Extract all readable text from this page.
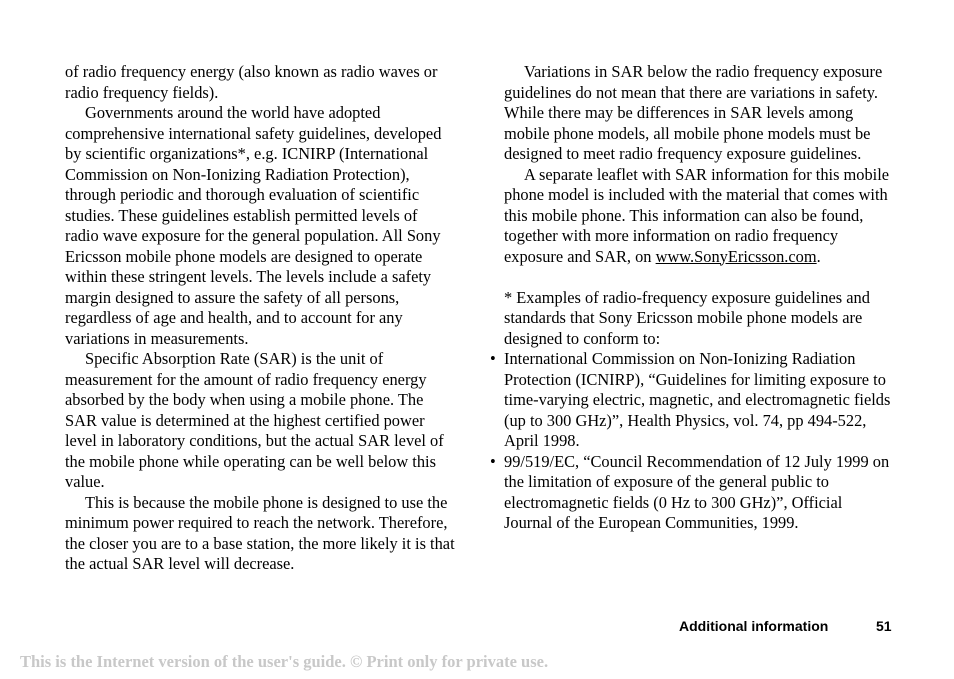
of radio frequency energy (also known as radio waves or radio frequency fields).

Governments around the world have adopted comprehensive international safety guidelines, developed by scientific organizations*, e.g. ICNIRP (International Commission on Non-Ionizing Radiation Protection), through periodic and thorough evaluation of scientific studies. These guidelines establish permitted levels of radio wave exposure for the general population. All Sony Ericsson mobile phone models are designed to operate within these stringent levels. The levels include a safety margin designed to assure the safety of all persons, regardless of age and health, and to account for any variations in measurements.

Specific Absorption Rate (SAR) is the unit of measurement for the amount of radio frequency energy absorbed by the body when using a mobile phone. The SAR value is determined at the highest certified power level in laboratory conditions, but the actual SAR level of the mobile phone while operating can be well below this value.

This is because the mobile phone is designed to use the minimum power required to reach the network. Therefore, the closer you are to a base station, the more likely it is that the actual SAR level will decrease.

Variations in SAR below the radio frequency exposure guidelines do not mean that there are variations in safety. While there may be differences in SAR levels among mobile phone models, all mobile phone models must be designed to meet radio frequency exposure guidelines.

A separate leaflet with SAR information for this mobile phone model is included with the material that comes with this mobile phone. This information can also be found, together with more information on radio frequency exposure and SAR, on www.SonyEricsson.com.

* Examples of radio-frequency exposure guidelines and standards that Sony Ericsson mobile phone models are designed to conform to:

• International Commission on Non-Ionizing Radiation Protection (ICNIRP), “Guidelines for limiting exposure to time-varying electric, magnetic, and electromagnetic fields (up to 300 GHz)”, Health Physics, vol. 74, pp 494-522, April 1998.
• 99/519/EC, “Council Recommendation of 12 July 1999 on the limitation of exposure of the general public to electromagnetic fields (0 Hz to 300 GHz)”, Official Journal of the European Communities, 1999.
Additional information	51
This is the Internet version of the user's guide. © Print only for private use.
